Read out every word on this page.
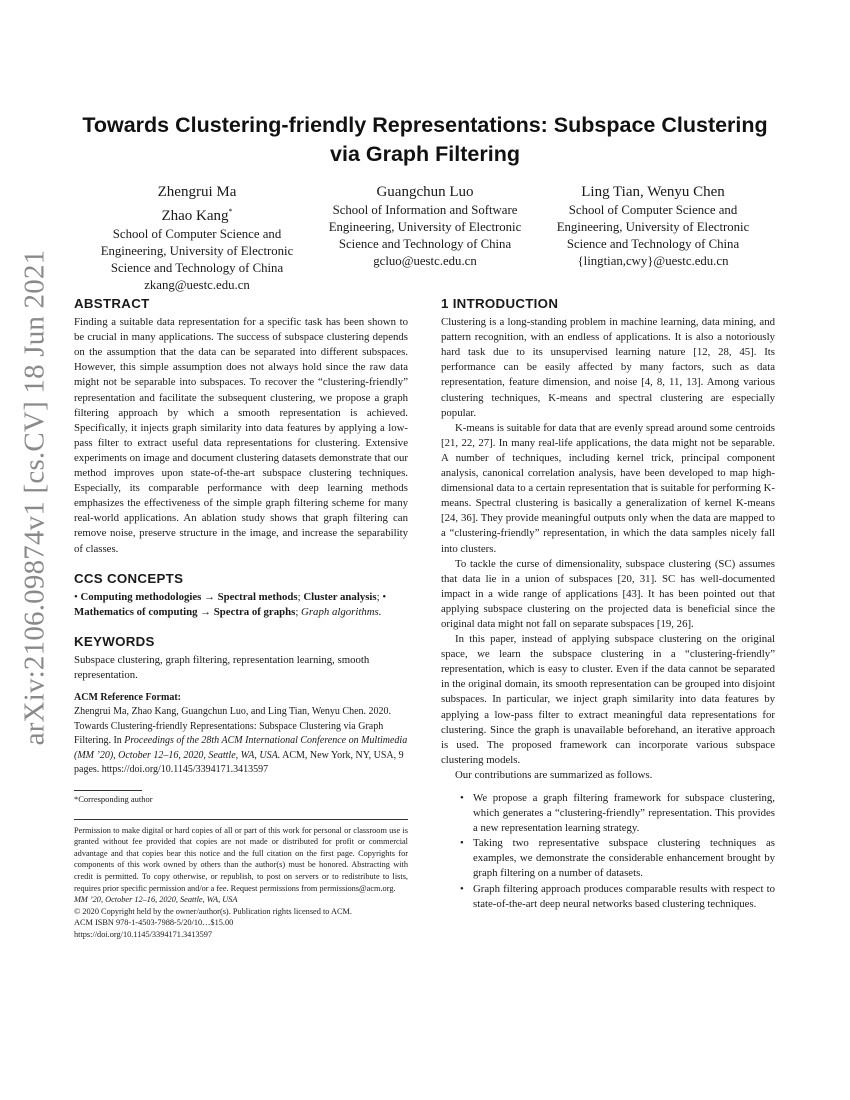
arXiv:2106.09874v1 [cs.CV] 18 Jun 2021
Towards Clustering-friendly Representations: Subspace Clustering via Graph Filtering
Zhengrui Ma
Zhao Kang*
School of Computer Science and Engineering, University of Electronic Science and Technology of China
zkang@uestc.edu.cn
Guangchun Luo
School of Information and Software Engineering, University of Electronic Science and Technology of China
gcluo@uestc.edu.cn
Ling Tian, Wenyu Chen
School of Computer Science and Engineering, University of Electronic Science and Technology of China
{lingtian,cwy}@uestc.edu.cn
ABSTRACT

Finding a suitable data representation for a specific task has been shown to be crucial in many applications. The success of subspace clustering depends on the assumption that the data can be separated into different subspaces. However, this simple assumption does not always hold since the raw data might not be separable into subspaces. To recover the “clustering-friendly” representation and facilitate the subsequent clustering, we propose a graph filtering approach by which a smooth representation is achieved. Specifically, it injects graph similarity into data features by applying a low-pass filter to extract useful data representations for clustering. Extensive experiments on image and document clustering datasets demonstrate that our method improves upon state-of-the-art subspace clustering techniques. Especially, its comparable performance with deep learning methods emphasizes the effectiveness of the simple graph filtering scheme for many real-world applications. An ablation study shows that graph filtering can remove noise, preserve structure in the image, and increase the separability of classes.

CCS CONCEPTS

• Computing methodologies → Spectral methods; Cluster analysis; • Mathematics of computing → Spectra of graphs; Graph algorithms.

KEYWORDS

Subspace clustering, graph filtering, representation learning, smooth representation.

ACM Reference Format:
Zhengrui Ma, Zhao Kang, Guangchun Luo, and Ling Tian, Wenyu Chen. 2020. Towards Clustering-friendly Representations: Subspace Clustering via Graph Filtering. In Proceedings of the 28th ACM International Conference on Multimedia (MM ’20), October 12–16, 2020, Seattle, WA, USA. ACM, New York, NY, USA, 9 pages. https://doi.org/10.1145/3394171.3413597
*Corresponding author
Permission to make digital or hard copies of all or part of this work for personal or classroom use is granted without fee provided that copies are not made or distributed for profit or commercial advantage and that copies bear this notice and the full citation on the first page. Copyrights for components of this work owned by others than the author(s) must be honored. Abstracting with credit is permitted. To copy otherwise, or republish, to post on servers or to redistribute to lists, requires prior specific permission and/or a fee. Request permissions from permissions@acm.org.
MM ’20, October 12–16, 2020, Seattle, WA, USA
© 2020 Copyright held by the owner/author(s). Publication rights licensed to ACM.
ACM ISBN 978-1-4503-7988-5/20/10…$15.00
https://doi.org/10.1145/3394171.3413597
1 INTRODUCTION

Clustering is a long-standing problem in machine learning, data mining, and pattern recognition, with an endless of applications. It is also a notoriously hard task due to its unsupervised learning nature [12, 28, 45]. Its performance can be easily affected by many factors, such as data representation, feature dimension, and noise [4, 8, 11, 13]. Among various clustering techniques, K-means and spectral clustering are especially popular.

K-means is suitable for data that are evenly spread around some centroids [21, 22, 27]. In many real-life applications, the data might not be separable. A number of techniques, including kernel trick, principal component analysis, canonical correlation analysis, have been developed to map high-dimensional data to a certain representation that is suitable for performing K-means. Spectral clustering is basically a generalization of kernel K-means [24, 36]. They provide meaningful outputs only when the data are mapped to a “clustering-friendly” representation, in which the data samples nicely fall into clusters.

To tackle the curse of dimensionality, subspace clustering (SC) assumes that data lie in a union of subspaces [20, 31]. SC has well-documented impact in a wide range of applications [43]. It has been pointed out that applying subspace clustering on the projected data is beneficial since the original data might not fall on separate subspaces [19, 26].

In this paper, instead of applying subspace clustering on the original space, we learn the subspace clustering in a “clustering-friendly” representation, which is easy to cluster. Even if the data cannot be separated in the original domain, its smooth representation can be grouped into disjoint subspaces. In particular, we inject graph similarity into data features by applying a low-pass filter to extract meaningful data representations for clustering. Since the graph is unavailable beforehand, an iterative approach is used. The proposed framework can incorporate various subspace clustering models.

Our contributions are summarized as follows.

• We propose a graph filtering framework for subspace clustering, which generates a “clustering-friendly” representation. This provides a new representation learning strategy.
• Taking two representative subspace clustering techniques as examples, we demonstrate the considerable enhancement brought by graph filtering on a number of datasets.
• Graph filtering approach produces comparable results with respect to state-of-the-art deep neural networks based clustering techniques.
